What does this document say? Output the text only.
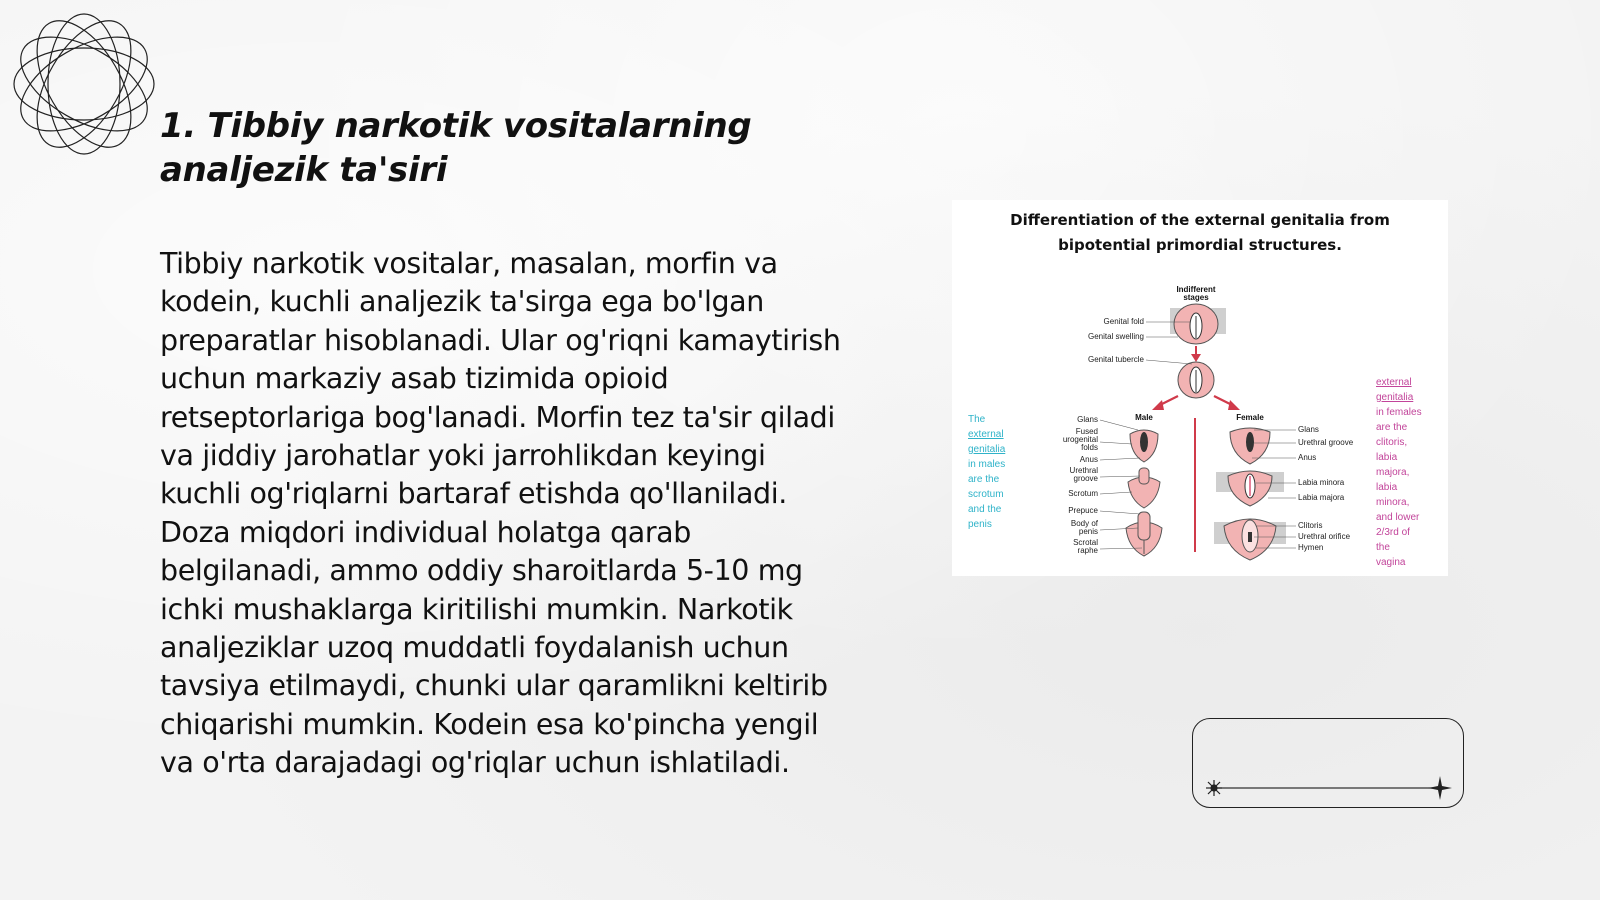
1. Tibbiy narkotik vositalarning
analjezik ta'siri

Tibbiy narkotik vositalar, masalan, morfin va kodein, kuchli analjezik ta'sirga ega bo'lgan preparatlar hisoblanadi. Ular og'riqni kamaytirish uchun markaziy asab tizimida opioid retseptorlariga bog'lanadi. Morfin tez ta'sir qiladi va jiddiy jarohatlar yoki jarrohlikdan keyingi kuchli og'riqlarni bartaraf etishda qo'llaniladi. Doza miqdori individual holatga qarab belgilanadi, ammo oddiy sharoitlarda 5-10 mg ichki mushaklarga kiritilishi mumkin. Narkotik analjeziklar uzoq muddatli foydalanish uchun tavsiya etilmaydi, chunki ular qaramlikni keltirib chiqarishi mumkin. Kodein esa ko'pincha yengil va o'rta darajadagi og'riqlar uchun ishlatiladi.

Differentiation of the external genitalia from
bipotential primordial structures.

Indifferent
stages
Genital fold
Genital swelling
Genital tubercle
Male	Female
Glans
Fused
urogenital
folds
Anus
Urethral
groove
Scrotum
Prepuce
Body of
penis
Scrotal
raphe
Glans
Urethral groove
Anus
Labia minora
Labia majora
Clitoris
Urethral orifice
Hymen
The
external
genitalia
in males
are the
scrotum
and the
penis
external
genitalia
in females
are the
clitoris,
labia
majora,
labia
minora,
and lower
2/3rd of
the
vagina
